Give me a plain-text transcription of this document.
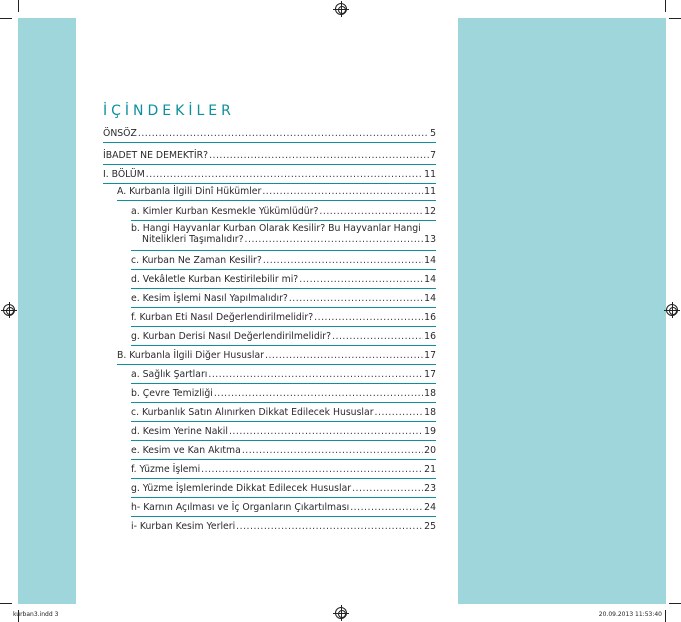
İÇİNDEKİLER
ÖNSÖZ .....	5
İBADET NE DEMEKTİR? .....	7
I. BÖLÜM .....	11
A. Kurbanla İlgili Dinî Hükümler .....	11
a. Kimler Kurban Kesmekle Yükümlüdür? .....	12
b. Hangi Hayvanlar Kurban Olarak Kesilir? Bu Hayvanlar Hangi
Nitelikleri Taşımalıdır? .....	13
c. Kurban Ne Zaman Kesilir? .....	14
d. Vekâletle Kurban Kestirilebilir mi? .....	14
e. Kesim İşlemi Nasıl Yapılmalıdır? .....	14
f. Kurban Eti Nasıl Değerlendirilmelidir? .....	16
g. Kurban Derisi Nasıl Değerlendirilmelidir? .....	16
B. Kurbanla İlgili Diğer Hususlar .....	17
a. Sağlık Şartları .....	17
b. Çevre Temizliği .....	18
c. Kurbanlık Satın Alınırken Dikkat Edilecek Hususlar .....	18
d. Kesim Yerine Nakil .....	19
e. Kesim ve Kan Akıtma .....	20
f. Yüzme İşlemi .....	21
g. Yüzme İşlemlerinde Dikkat Edilecek Hususlar .....	23
h- Karnın Açılması ve İç Organların Çıkartılması .....	24
i- Kurban Kesim Yerleri .....	25
kurban3.indd 3	20.09.2013 11:53:40
